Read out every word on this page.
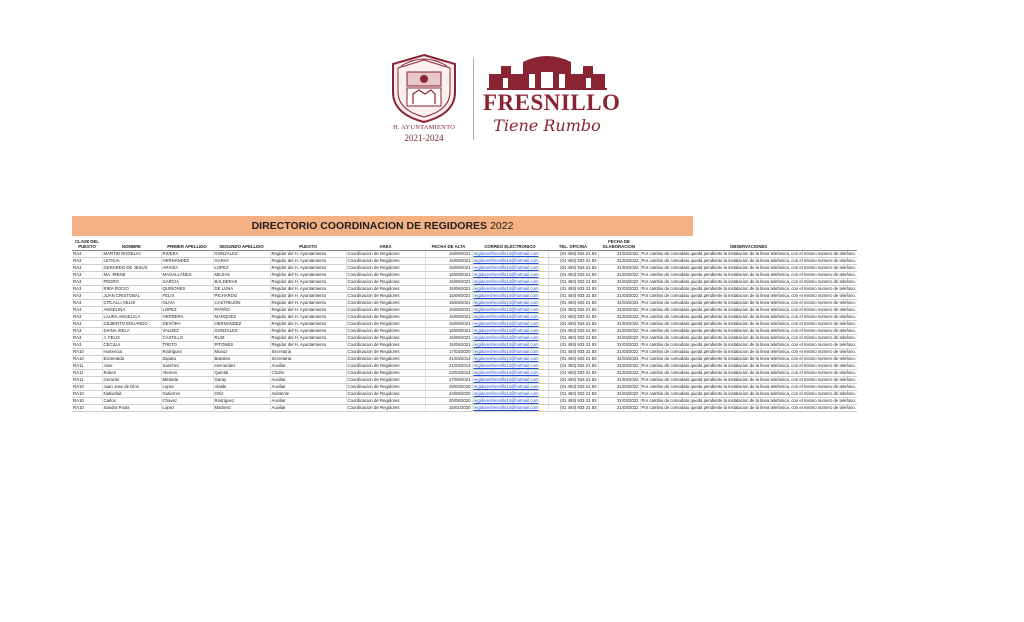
H. AYUNTAMIENTO
2021-2024
FRESNILLO
Tiene Rumbo
DIRECTORIO COORDINACION DE REGIDORES 2022
CLAVE DEL PUESTO	NOMBRE	PRIMER APELLIDO	SEGUNDO APELLIDO	PUESTO	AREA	FECHA DE ALTA	CORREO ELECTRONICO	TEL. OFICINA	FECHA DE ELABORACION	OBSERVACIONES
RA3	MARTIN ROGELIO	RIVERA	GONZALEZ	Regidor del H. Ayuntamiento	Coordinacion de Regidores	15/09/2021	regidoresfresnillo14@hotmail.com	(01 493) 933 21 83	31/03/2022	Por cambio de comodato queda pendiente la instalacion de la linea telefonica, con el mismo numero de telefono.
RA3	LETICIA	HERNANDEZ	GARAY	Regidor del H. Ayuntamiento	Coordinacion de Regidores	15/09/2021	regidoresfresnillo14@hotmail.com	(01 493) 933 21 83	31/03/2022	Por cambio de comodato queda pendiente la instalacion de la linea telefonica, con el mismo numero de telefono.
RA3	GERARDO DE JESUS	ARAIZA	LOPEZ	Regidor del H. Ayuntamiento	Coordinacion de Regidores	15/09/2021	regidoresfresnillo14@hotmail.com	(01 493) 933 21 83	31/03/2022	Por cambio de comodato queda pendiente la instalacion de la linea telefonica, con el mismo numero de telefono.
RA3	MA. IRENE	MAGALLANES	MEJIAS	Regidor del H. Ayuntamiento	Coordinacion de Regidores	15/09/2021	regidoresfresnillo14@hotmail.com	(01 493) 933 21 83	31/03/2022	Por cambio de comodato queda pendiente la instalacion de la linea telefonica, con el mismo numero de telefono.
RA3	PEDRO	GARCIA	BALDERAS	Regidor del H. Ayuntamiento	Coordinacion de Regidores	15/09/2021	regidoresfresnillo14@hotmail.com	(01 493) 933 21 83	31/03/2022	Por cambio de comodato queda pendiente la instalacion de la linea telefonica, con el mismo numero de telefono.
RA3	RIRA ROCIO	QUIÑONES	DE LUNA	Regidor del H. Ayuntamiento	Coordinacion de Regidores	15/09/2021	regidoresfresnillo14@hotmail.com	(01 493) 933 21 83	31/03/2022	Por cambio de comodato queda pendiente la instalacion de la linea telefonica, con el mismo numero de telefono.
RA3	JUAN CRISTOBAL	FELIX	PICHARDO	Regidor del H. Ayuntamiento	Coordinacion de Regidores	15/09/2021	regidoresfresnillo14@hotmail.com	(01 493) 933 21 83	31/03/2022	Por cambio de comodato queda pendiente la instalacion de la linea telefonica, con el mismo numero de telefono.
RA3	CITLALLI XELOI	OLIVA	CASTREJON	Regidor del H. Ayuntamiento	Coordinacion de Regidores	15/09/2021	regidoresfresnillo14@hotmail.com	(01 493) 933 21 83	31/03/2022	Por cambio de comodato queda pendiente la instalacion de la linea telefonica, con el mismo numero de telefono.
RA3	ANGELINA	LOPEZ	PATIÑO	Regidor del H. Ayuntamiento	Coordinacion de Regidores	15/09/2021	regidoresfresnillo14@hotmail.com	(01 493) 933 21 83	31/03/2022	Por cambio de comodato queda pendiente la instalacion de la linea telefonica, con el mismo numero de telefono.
RA3	LAURA ANGELICA	HERRERA	MARQUEZ	Regidor del H. Ayuntamiento	Coordinacion de Regidores	15/09/2021	regidoresfresnillo14@hotmail.com	(01 493) 933 21 83	31/03/2022	Por cambio de comodato queda pendiente la instalacion de la linea telefonica, con el mismo numero de telefono.
RA3	GILBERTO EDUARDO	DEVORA	HERNANDEZ	Regidor del H. Ayuntamiento	Coordinacion de Regidores	15/09/2021	regidoresfresnillo14@hotmail.com	(01 493) 933 21 83	31/03/2022	Por cambio de comodato queda pendiente la instalacion de la linea telefonica, con el mismo numero de telefono.
RA3	DIANA ISELA	VALDEZ	GONZALEZ	Regidor del H. Ayuntamiento	Coordinacion de Regidores	15/09/2021	regidoresfresnillo14@hotmail.com	(01 493) 933 21 83	31/03/2022	Por cambio de comodato queda pendiente la instalacion de la linea telefonica, con el mismo numero de telefono.
RA3	J. FELIX	CASTILLO	RUIZ	Regidor del H. Ayuntamiento	Coordinacion de Regidores	15/09/2021	regidoresfresnillo14@hotmail.com	(01 493) 933 21 83	31/03/2022	Por cambio de comodato queda pendiente la instalacion de la linea telefonica, con el mismo numero de telefono.
RA3	CECILIA	TRETO	PITONES	Regidor del H. Ayuntamiento	Coordinacion de Regidores	15/09/2021	regidoresfresnillo14@hotmail.com	(01 493) 933 21 83	31/03/2022	Por cambio de comodato queda pendiente la instalacion de la linea telefonica, con el mismo numero de telefono.
RA10	Hortencia	Rodriguez	Munoz	Secretaria	Coordinacion de Regidores	17/03/2020	regidoresfresnillo14@hotmail.com	(01 493) 933 21 83	31/03/2022	Por cambio de comodato queda pendiente la instalacion de la linea telefonica, con el mismo numero de telefono.
RA10	Esmeralda	Zapata	Banales	Secretaria	Coordinacion de Regidores	21/03/2014	regidoresfresnillo14@hotmail.com	(01 493) 933 21 83	31/03/2022	Por cambio de comodato queda pendiente la instalacion de la linea telefonica, con el mismo numero de telefono.
RA11	Jose	Sanchez	Hernandez	Auxiliar	Coordinacion de Regidores	21/03/2014	regidoresfresnillo14@hotmail.com	(01 493) 933 21 83	31/03/2022	Por cambio de comodato queda pendiente la instalacion de la linea telefonica, con el mismo numero de telefono.
RA11	Ruben	Alemon	Quintal	Chofer	Coordinacion de Regidores	23/03/2014	regidoresfresnillo14@hotmail.com	(01 493) 933 21 83	31/03/2022	Por cambio de comodato queda pendiente la instalacion de la linea telefonica, con el mismo numero de telefono.
RA11	Gerardo	Miranda	Garay	Auxiliar	Coordinacion de Regidores	27/08/2021	regidoresfresnillo14@hotmail.com	(01 493) 933 21 83	31/03/2022	Por cambio de comodato queda pendiente la instalacion de la linea telefonica, con el mismo numero de telefono.
RA10	Juan Jose de Dios	Lopez	Alaide	Auxiliar	Coordinacion de Regidores	29/03/2020	regidoresfresnillo14@hotmail.com	(01 493) 933 21 83	31/03/2022	Por cambio de comodato queda pendiente la instalacion de la linea telefonica, con el mismo numero de telefono.
RA10	Natividad	Gutierrez	Ortiz	Asistente	Coordinacion de Regidores	24/08/2020	regidoresfresnillo14@hotmail.com	(01 493) 933 21 83	31/03/2022	Por cambio de comodato queda pendiente la instalacion de la linea telefonica, con el mismo numero de telefono.
RA10	Carlos	Chavez	Rodriguez	Auxiliar	Coordinacion de Regidores	20/08/2020	regidoresfresnillo14@hotmail.com	(01 493) 933 21 83	31/03/2022	Por cambio de comodato queda pendiente la instalacion de la linea telefonica, con el mismo numero de telefono.
RA10	Sandra Paola	Lopez	Martinez	Auxiliar	Coordinacion de Regidores	15/01/2020	regidoresfresnillo14@hotmail.com	(01 493) 933 21 83	31/03/2022	Por cambio de comodato queda pendiente la instalacion de la linea telefonica, con el mismo numero de telefono.
